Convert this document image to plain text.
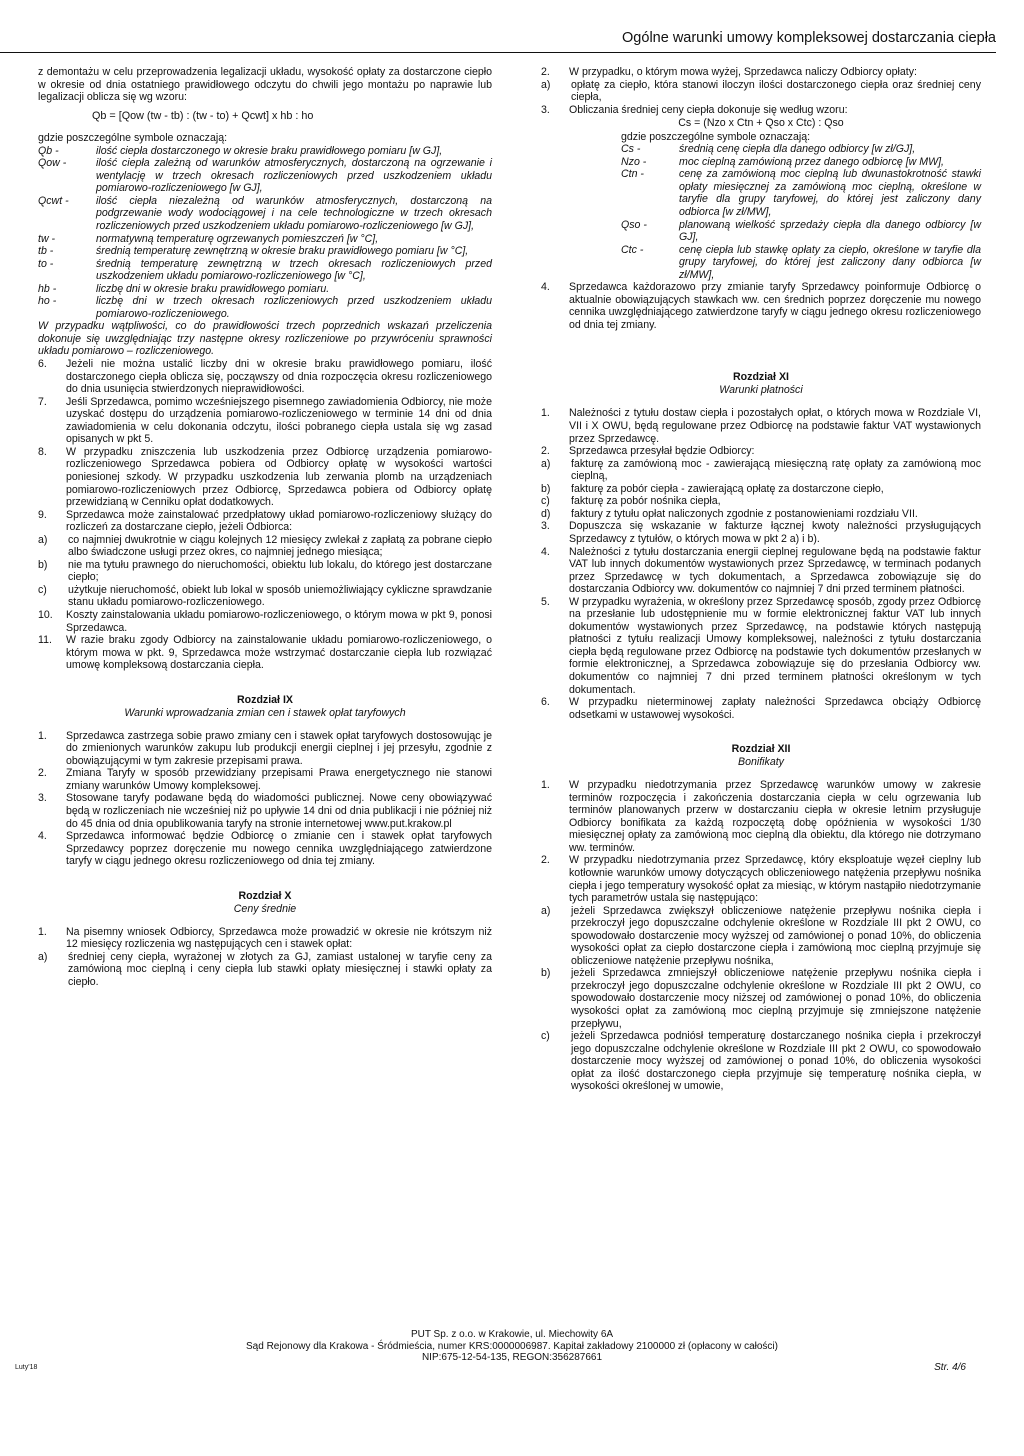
Ogólne warunki umowy kompleksowej dostarczania ciepła

z demontażu w celu przeprowadzenia legalizacji układu, wysokość opłaty za dostarczone ciepło w okresie od dnia ostatniego prawidłowego odczytu do chwili jego montażu po naprawie lub legalizacji oblicza się wg wzoru:

Qb = [Qow (tw - tb) : (tw - to) + Qcwt] x hb : ho

gdzie poszczególne symbole oznaczają:

Qb -	ilość ciepła dostarczonego w okresie braku prawidłowego pomiaru [w GJ],
Qow -	ilość ciepła zależną od warunków atmosferycznych, dostarczoną na ogrzewanie i wentylację w trzech okresach rozliczeniowych przed uszkodzeniem układu pomiarowo-rozliczeniowego [w GJ],
Qcwt -	ilość ciepła niezależną od warunków atmosferycznych, dostarczoną na podgrzewanie wody wodociągowej i na cele technologiczne w trzech okresach rozliczeniowych przed uszkodzeniem układu pomiarowo-rozliczeniowego [w GJ],
tw -	normatywną temperaturę ogrzewanych pomieszczeń [w °C],
tb -	średnią temperaturę zewnętrzną w okresie braku prawidłowego pomiaru [w °C],
to -	średnią temperaturę zewnętrzną w trzech okresach rozliczeniowych przed uszkodzeniem układu pomiarowo-rozliczeniowego [w °C],
hb -	liczbę dni w okresie braku prawidłowego pomiaru.
ho -	liczbę dni w trzech okresach rozliczeniowych przed uszkodzeniem układu pomiarowo-rozliczeniowego.

W przypadku wątpliwości, co do prawidłowości trzech poprzednich wskazań przeliczenia dokonuje się uwzględniając trzy następne okresy rozliczeniowe po przywróceniu sprawności układu pomiarowo – rozliczeniowego.

6.	Jeżeli nie można ustalić liczby dni w okresie braku prawidłowego pomiaru, ilość dostarczonego ciepła oblicza się, począwszy od dnia rozpoczęcia okresu rozliczeniowego do dnia usunięcia stwierdzonych nieprawidłowości.
7.	Jeśli Sprzedawca, pomimo wcześniejszego pisemnego zawiadomienia Odbiorcy, nie może uzyskać dostępu do urządzenia pomiarowo-rozliczeniowego w terminie 14 dni od dnia zawiadomienia w celu dokonania odczytu, ilości pobranego ciepła ustala się wg zasad opisanych w pkt 5.
8.	W przypadku zniszczenia lub uszkodzenia przez Odbiorcę urządzenia pomiarowo-rozliczeniowego Sprzedawca pobiera od Odbiorcy opłatę w wysokości wartości poniesionej szkody. W przypadku uszkodzenia lub zerwania plomb na urządzeniach pomiarowo-rozliczeniowych przez Odbiorcę, Sprzedawca pobiera od Odbiorcy opłatę przewidzianą w Cenniku opłat dodatkowych.
9.	Sprzedawca może zainstalować przedpłatowy układ pomiarowo-rozliczeniowy służący do rozliczeń za dostarczane ciepło, jeżeli Odbiorca:
a)	co najmniej dwukrotnie w ciągu kolejnych 12 miesięcy zwlekał z zapłatą za pobrane ciepło albo świadczone usługi przez okres, co najmniej jednego miesiąca;
b)	nie ma tytułu prawnego do nieruchomości, obiektu lub lokalu, do którego jest dostarczane ciepło;
c)	użytkuje nieruchomość, obiekt lub lokal w sposób uniemożliwiający cykliczne sprawdzanie stanu układu pomiarowo-rozliczeniowego.
10.	Koszty zainstalowania układu pomiarowo-rozliczeniowego, o którym mowa w pkt 9, ponosi Sprzedawca.
11.	W razie braku zgody Odbiorcy na zainstalowanie układu pomiarowo-rozliczeniowego, o którym mowa w pkt. 9, Sprzedawca może wstrzymać dostarczanie ciepła lub rozwiązać umowę kompleksową dostarczania ciepła.
Rozdział IX
Warunki wprowadzania zmian cen i stawek opłat taryfowych
1.	Sprzedawca zastrzega sobie prawo zmiany cen i stawek opłat taryfowych dostosowując je do zmienionych warunków zakupu lub produkcji energii cieplnej i jej przesyłu, zgodnie z obowiązującymi w tym zakresie przepisami prawa.
2.	Zmiana Taryfy w sposób przewidziany przepisami Prawa energetycznego nie stanowi zmiany warunków Umowy kompleksowej.
3.	Stosowane taryfy podawane będą do wiadomości publicznej. Nowe ceny obowiązywać będą w rozliczeniach nie wcześniej niż po upływie 14 dni od dnia publikacji i nie później niż do 45 dnia od dnia opublikowania taryfy na stronie internetowej www.put.krakow.pl
4.	Sprzedawca informować będzie Odbiorcę o zmianie cen i stawek opłat taryfowych Sprzedawcy poprzez doręczenie mu nowego cennika uwzględniającego zatwierdzone taryfy w ciągu jednego okresu rozliczeniowego od dnia tej zmiany.
Rozdział X
Ceny średnie
1.	Na pisemny wniosek Odbiorcy, Sprzedawca może prowadzić w okresie nie krótszym niż 12 miesięcy rozliczenia wg następujących cen i stawek opłat:
a)	średniej ceny ciepła, wyrażonej w złotych za GJ, zamiast ustalonej w taryfie ceny za zamówioną moc cieplną i ceny ciepła lub stawki opłaty miesięcznej i stawki opłaty za ciepło.
2.	W przypadku, o którym mowa wyżej, Sprzedawca naliczy Odbiorcy opłaty:
a)	opłatę za ciepło, która stanowi iloczyn ilości dostarczonego ciepła oraz średniej ceny ciepła,
3.	Obliczania średniej ceny ciepła dokonuje się według wzoru:

Cs = (Nzo x Ctn + Qso x Ctc) : Qso

gdzie poszczególne symbole oznaczają:

Cs -	średnią cenę ciepła dla danego odbiorcy [w zł/GJ],
Nzo -	moc cieplną zamówioną przez danego odbiorcę [w MW],
Ctn -	cenę za zamówioną moc cieplną lub dwunastokrotność stawki opłaty miesięcznej za zamówioną moc cieplną, określone w taryfie dla grupy taryfowej, do której jest zaliczony dany odbiorca [w zł/MW],
Qso -	planowaną wielkość sprzedaży ciepła dla danego odbiorcy [w GJ],
Ctc -	cenę ciepła lub stawkę opłaty za ciepło, określone w taryfie dla grupy taryfowej, do której jest zaliczony dany odbiorca [w zł/MW],
4.	Sprzedawca każdorazowo przy zmianie taryfy Sprzedawcy poinformuje Odbiorcę o aktualnie obowiązujących stawkach ww. cen średnich poprzez doręczenie mu nowego cennika uwzględniającego zatwierdzone taryfy w ciągu jednego okresu rozliczeniowego od dnia tej zmiany.
Rozdział XI
Warunki płatności
1.	Należności z tytułu dostaw ciepła i pozostałych opłat, o których mowa w Rozdziale VI, VII i X OWU, będą regulowane przez Odbiorcę na podstawie faktur VAT wystawionych przez Sprzedawcę.
2.	Sprzedawca przesyłał będzie Odbiorcy:
a)	fakturę za zamówioną moc - zawierającą miesięczną ratę opłaty za zamówioną moc cieplną,
b)	fakturę za pobór ciepła - zawierającą opłatę za dostarczone ciepło,
c)	fakturę za pobór nośnika ciepła,
d)	faktury z tytułu opłat naliczonych zgodnie z postanowieniami rozdziału VII.
3.	Dopuszcza się wskazanie w fakturze łącznej kwoty należności przysługujących Sprzedawcy z tytułów, o których mowa w pkt 2 a) i b).
4.	Należności z tytułu dostarczania energii cieplnej regulowane będą na podstawie faktur VAT lub innych dokumentów wystawionych przez Sprzedawcę, w terminach podanych przez Sprzedawcę w tych dokumentach, a Sprzedawca zobowiązuje się do dostarczania Odbiorcy ww. dokumentów co najmniej 7 dni przed terminem płatności.
5.	W przypadku wyrażenia, w określony przez Sprzedawcę sposób, zgody przez Odbiorcę na przesłanie lub udostępnienie mu w formie elektronicznej faktur VAT lub innych dokumentów wystawionych przez Sprzedawcę, na podstawie których następują płatności z tytułu realizacji Umowy kompleksowej, należności z tytułu dostarczania ciepła będą regulowane przez Odbiorcę na podstawie tych dokumentów przesłanych w formie elektronicznej, a Sprzedawca zobowiązuje się do przesłania Odbiorcy ww. dokumentów co najmniej 7 dni przed terminem płatności określonym w tych dokumentach.
6.	W przypadku nieterminowej zapłaty należności Sprzedawca obciąży Odbiorcę odsetkami w ustawowej wysokości.
Rozdział XII
Bonifikaty
1.	W przypadku niedotrzymania przez Sprzedawcę warunków umowy w zakresie terminów rozpoczęcia i zakończenia dostarczania ciepła w celu ogrzewania lub terminów planowanych przerw w dostarczaniu ciepła w okresie letnim przysługuje Odbiorcy bonifikata za każdą rozpoczętą dobę opóźnienia w wysokości 1/30 miesięcznej opłaty za zamówioną moc cieplną dla obiektu, dla którego nie dotrzymano ww. terminów.
2.	W przypadku niedotrzymania przez Sprzedawcę, który eksploatuje węzeł cieplny lub kotłownie warunków umowy dotyczących obliczeniowego natężenia przepływu nośnika ciepła i jego temperatury wysokość opłat za miesiąc, w którym nastąpiło niedotrzymanie tych parametrów ustala się następująco:
a)	jeżeli Sprzedawca zwiększył obliczeniowe natężenie przepływu nośnika ciepła i przekroczył jego dopuszczalne odchylenie określone w Rozdziale III pkt 2 OWU, co spowodowało dostarczenie mocy wyższej od zamówionej o ponad 10%, do obliczenia wysokości opłat za ciepło dostarczone ciepła i zamówioną moc cieplną przyjmuje się obliczeniowe natężenie przepływu nośnika,
b)	jeżeli Sprzedawca zmniejszył obliczeniowe natężenie przepływu nośnika ciepła i przekroczył jego dopuszczalne odchylenie określone w Rozdziale III pkt 2 OWU, co spowodowało dostarczenie mocy niższej od zamówionej o ponad 10%, do obliczenia wysokości opłat za zamówioną moc cieplną przyjmuje się zmniejszone natężenie przepływu,
c)	jeżeli Sprzedawca podniósł temperaturę dostarczanego nośnika ciepła i przekroczył jego dopuszczalne odchylenie określone w Rozdziale III pkt 2 OWU, co spowodowało dostarczenie mocy wyższej od zamówionej o ponad 10%, do obliczenia wysokości opłat za ilość dostarczonego ciepła przyjmuje się temperaturę nośnika ciepła, w wysokości określonej w umowie,
PUT Sp. z o.o. w Krakowie, ul. Miechowity 6A
Sąd Rejonowy dla Krakowa - Śródmieścia, numer KRS:0000006987. Kapitał zakładowy 2100000 zł (opłacony w całości)
NIP:675-12-54-135, REGON:356287661
Luty'18	Str. 4/6
